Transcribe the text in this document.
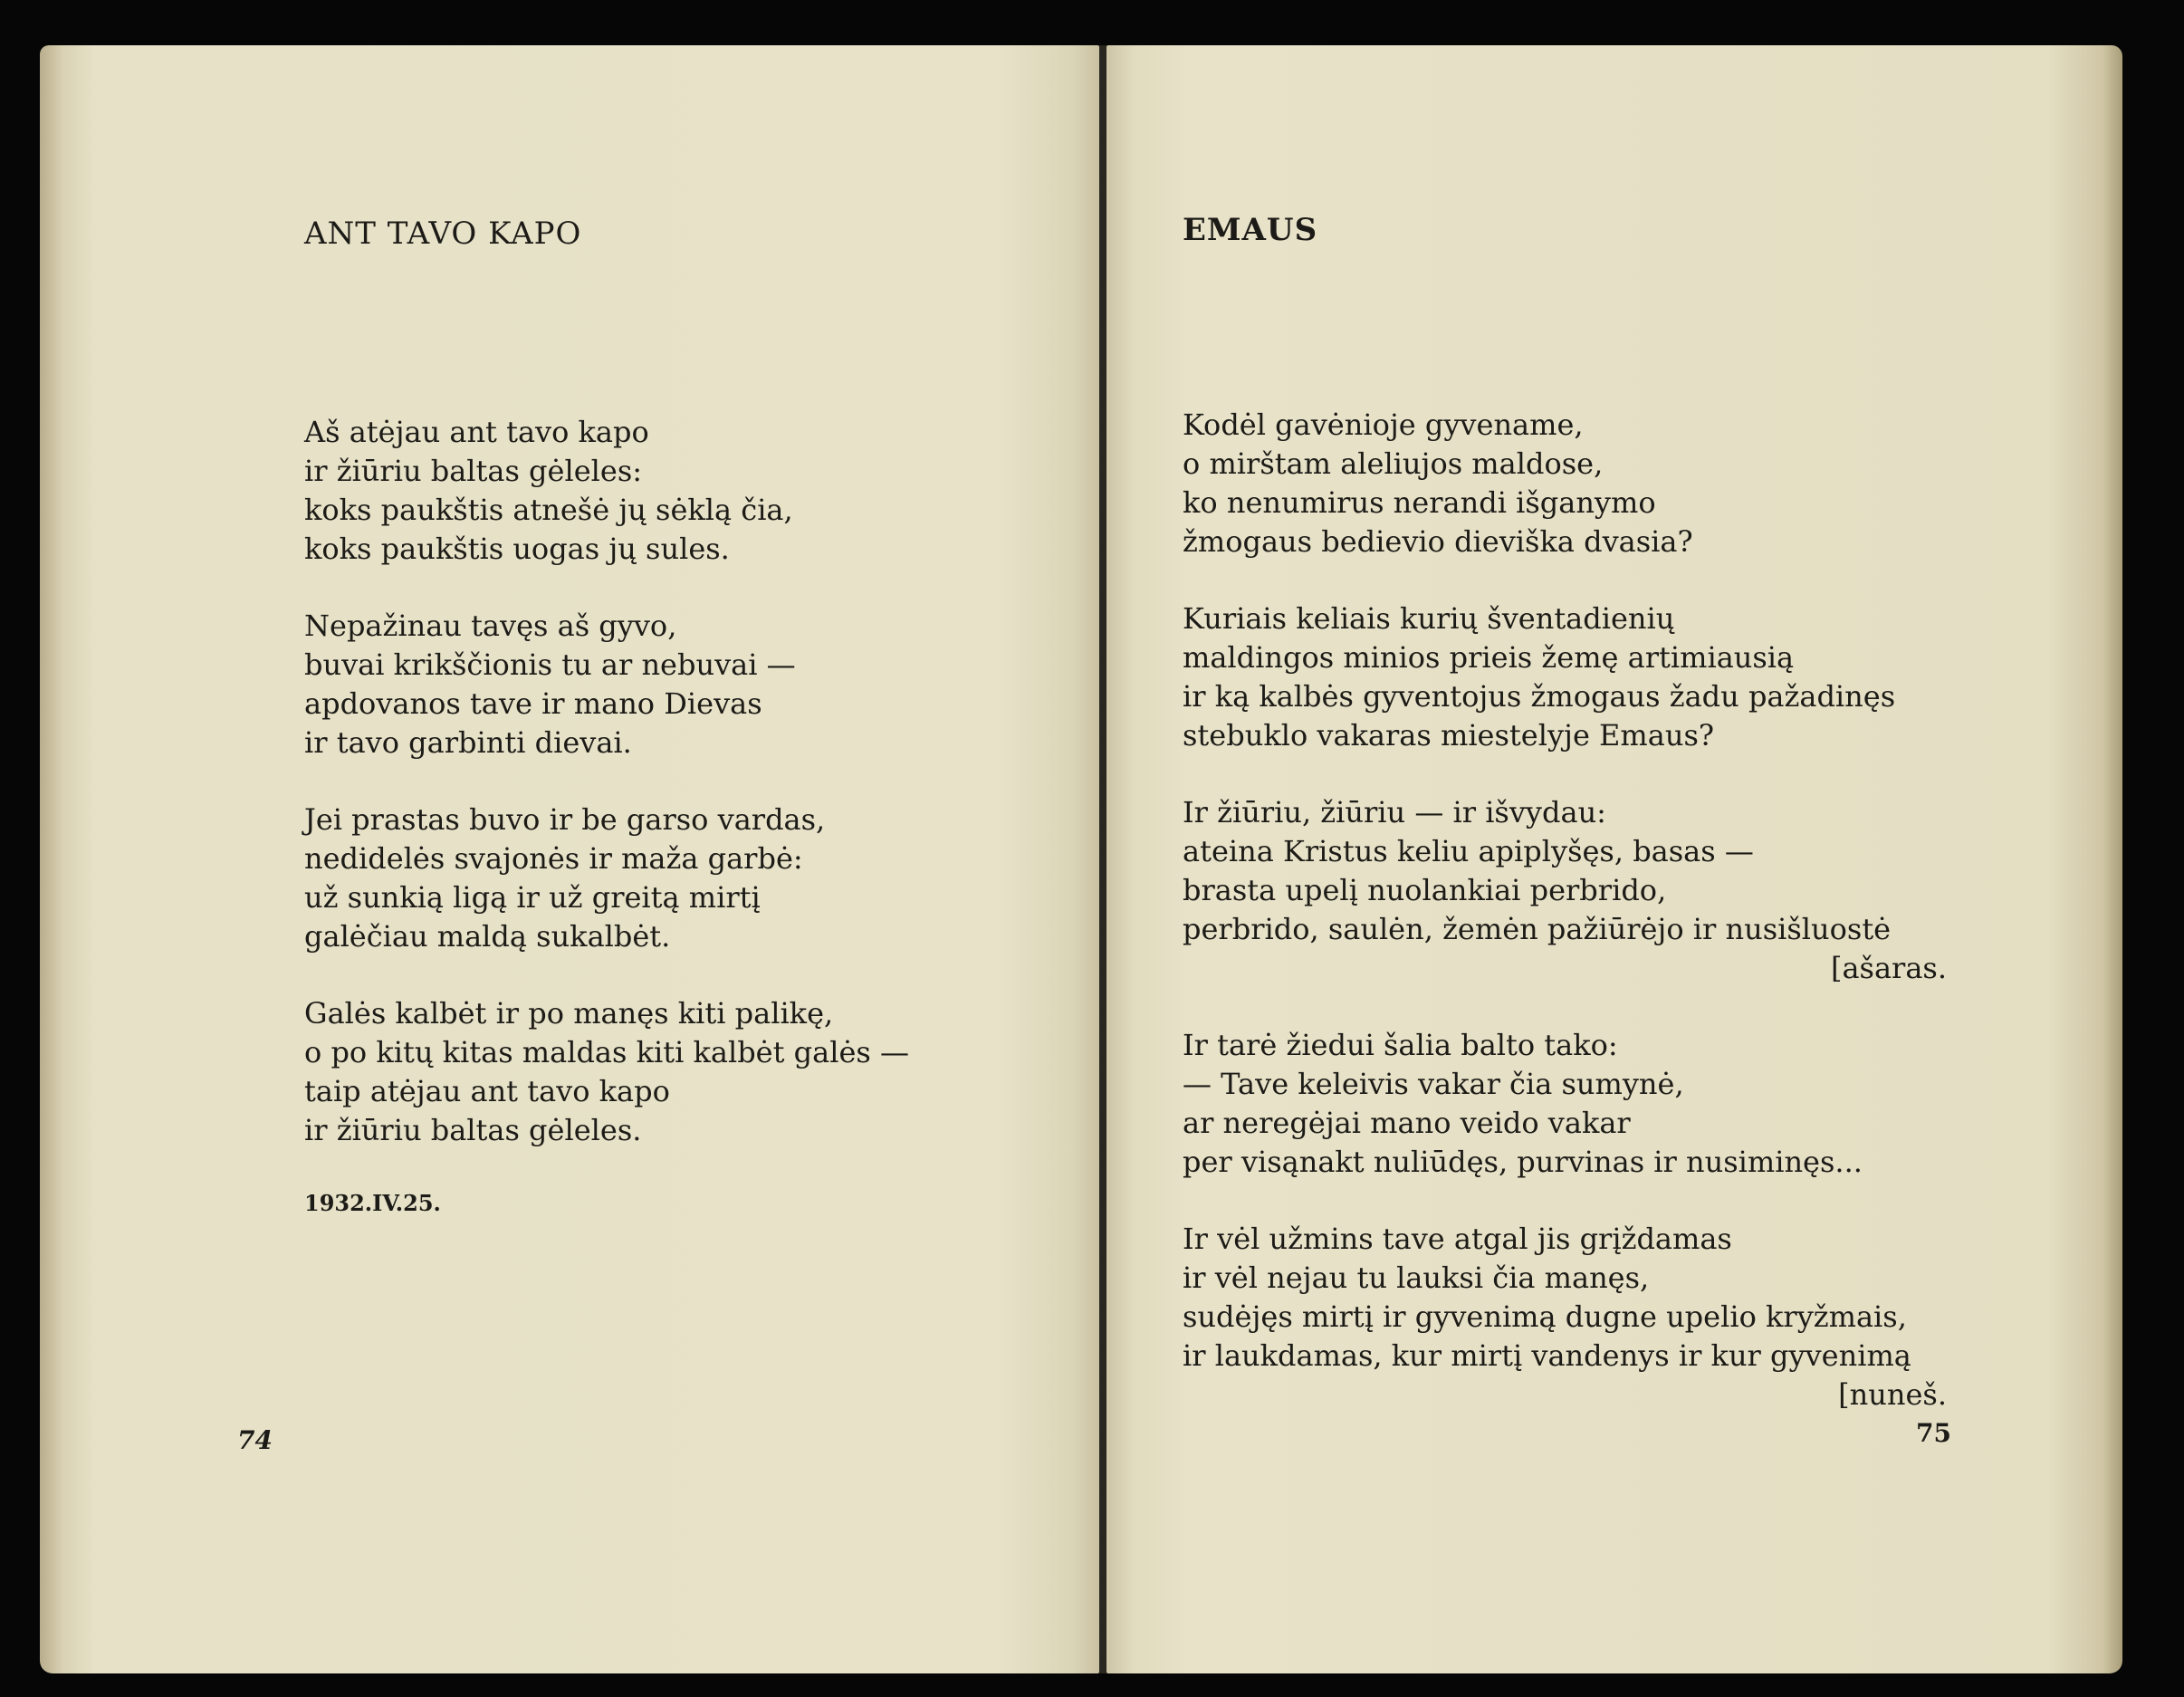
ANT TAVO KAPO
Aš atėjau ant tavo kapo
ir žiūriu baltas gėleles:
koks paukštis atnešė jų sėklą čia,
koks paukštis uogas jų sules.
Nepažinau tavęs aš gyvo,
buvai krikščionis tu ar nebuvai —
apdovanos tave ir mano Dievas
ir tavo garbinti dievai.
Jei prastas buvo ir be garso vardas,
nedidelės svajonės ir maža garbė:
už sunkią ligą ir už greitą mirtį
galėčiau maldą sukalbėt.
Galės kalbėt ir po manęs kiti palikę,
o po kitų kitas maldas kiti kalbėt galės —
taip atėjau ant tavo kapo
ir žiūriu baltas gėleles.
1932.IV.25.
74
EMAUS
Kodėl gavėnioje gyvename,
o mirštam aleliujos maldose,
ko nenumirus nerandi išganymo
žmogaus bedievio dieviška dvasia?
Kuriais keliais kurių šventadienių
maldingos minios prieis žemę artimiausią
ir ką kalbės gyventojus žmogaus žadu pažadinęs
stebuklo vakaras miestelyje Emaus?
Ir žiūriu, žiūriu — ir išvydau:
ateina Kristus keliu apiplyšęs, basas —
brasta upelį nuolankiai perbrido,
perbrido, saulėn, žemėn pažiūrėjo ir nusišluostė
[ašaras.
Ir tarė žiedui šalia balto tako:
— Tave keleivis vakar čia sumynė,
ar neregėjai mano veido vakar
per visąnakt nuliūdęs, purvinas ir nusiminęs...
Ir vėl užmins tave atgal jis grįždamas
ir vėl nejau tu lauksi čia manęs,
sudėjęs mirtį ir gyvenimą dugne upelio kryžmais,
ir laukdamas, kur mirtį vandenys ir kur gyvenimą
[nuneš.
75
